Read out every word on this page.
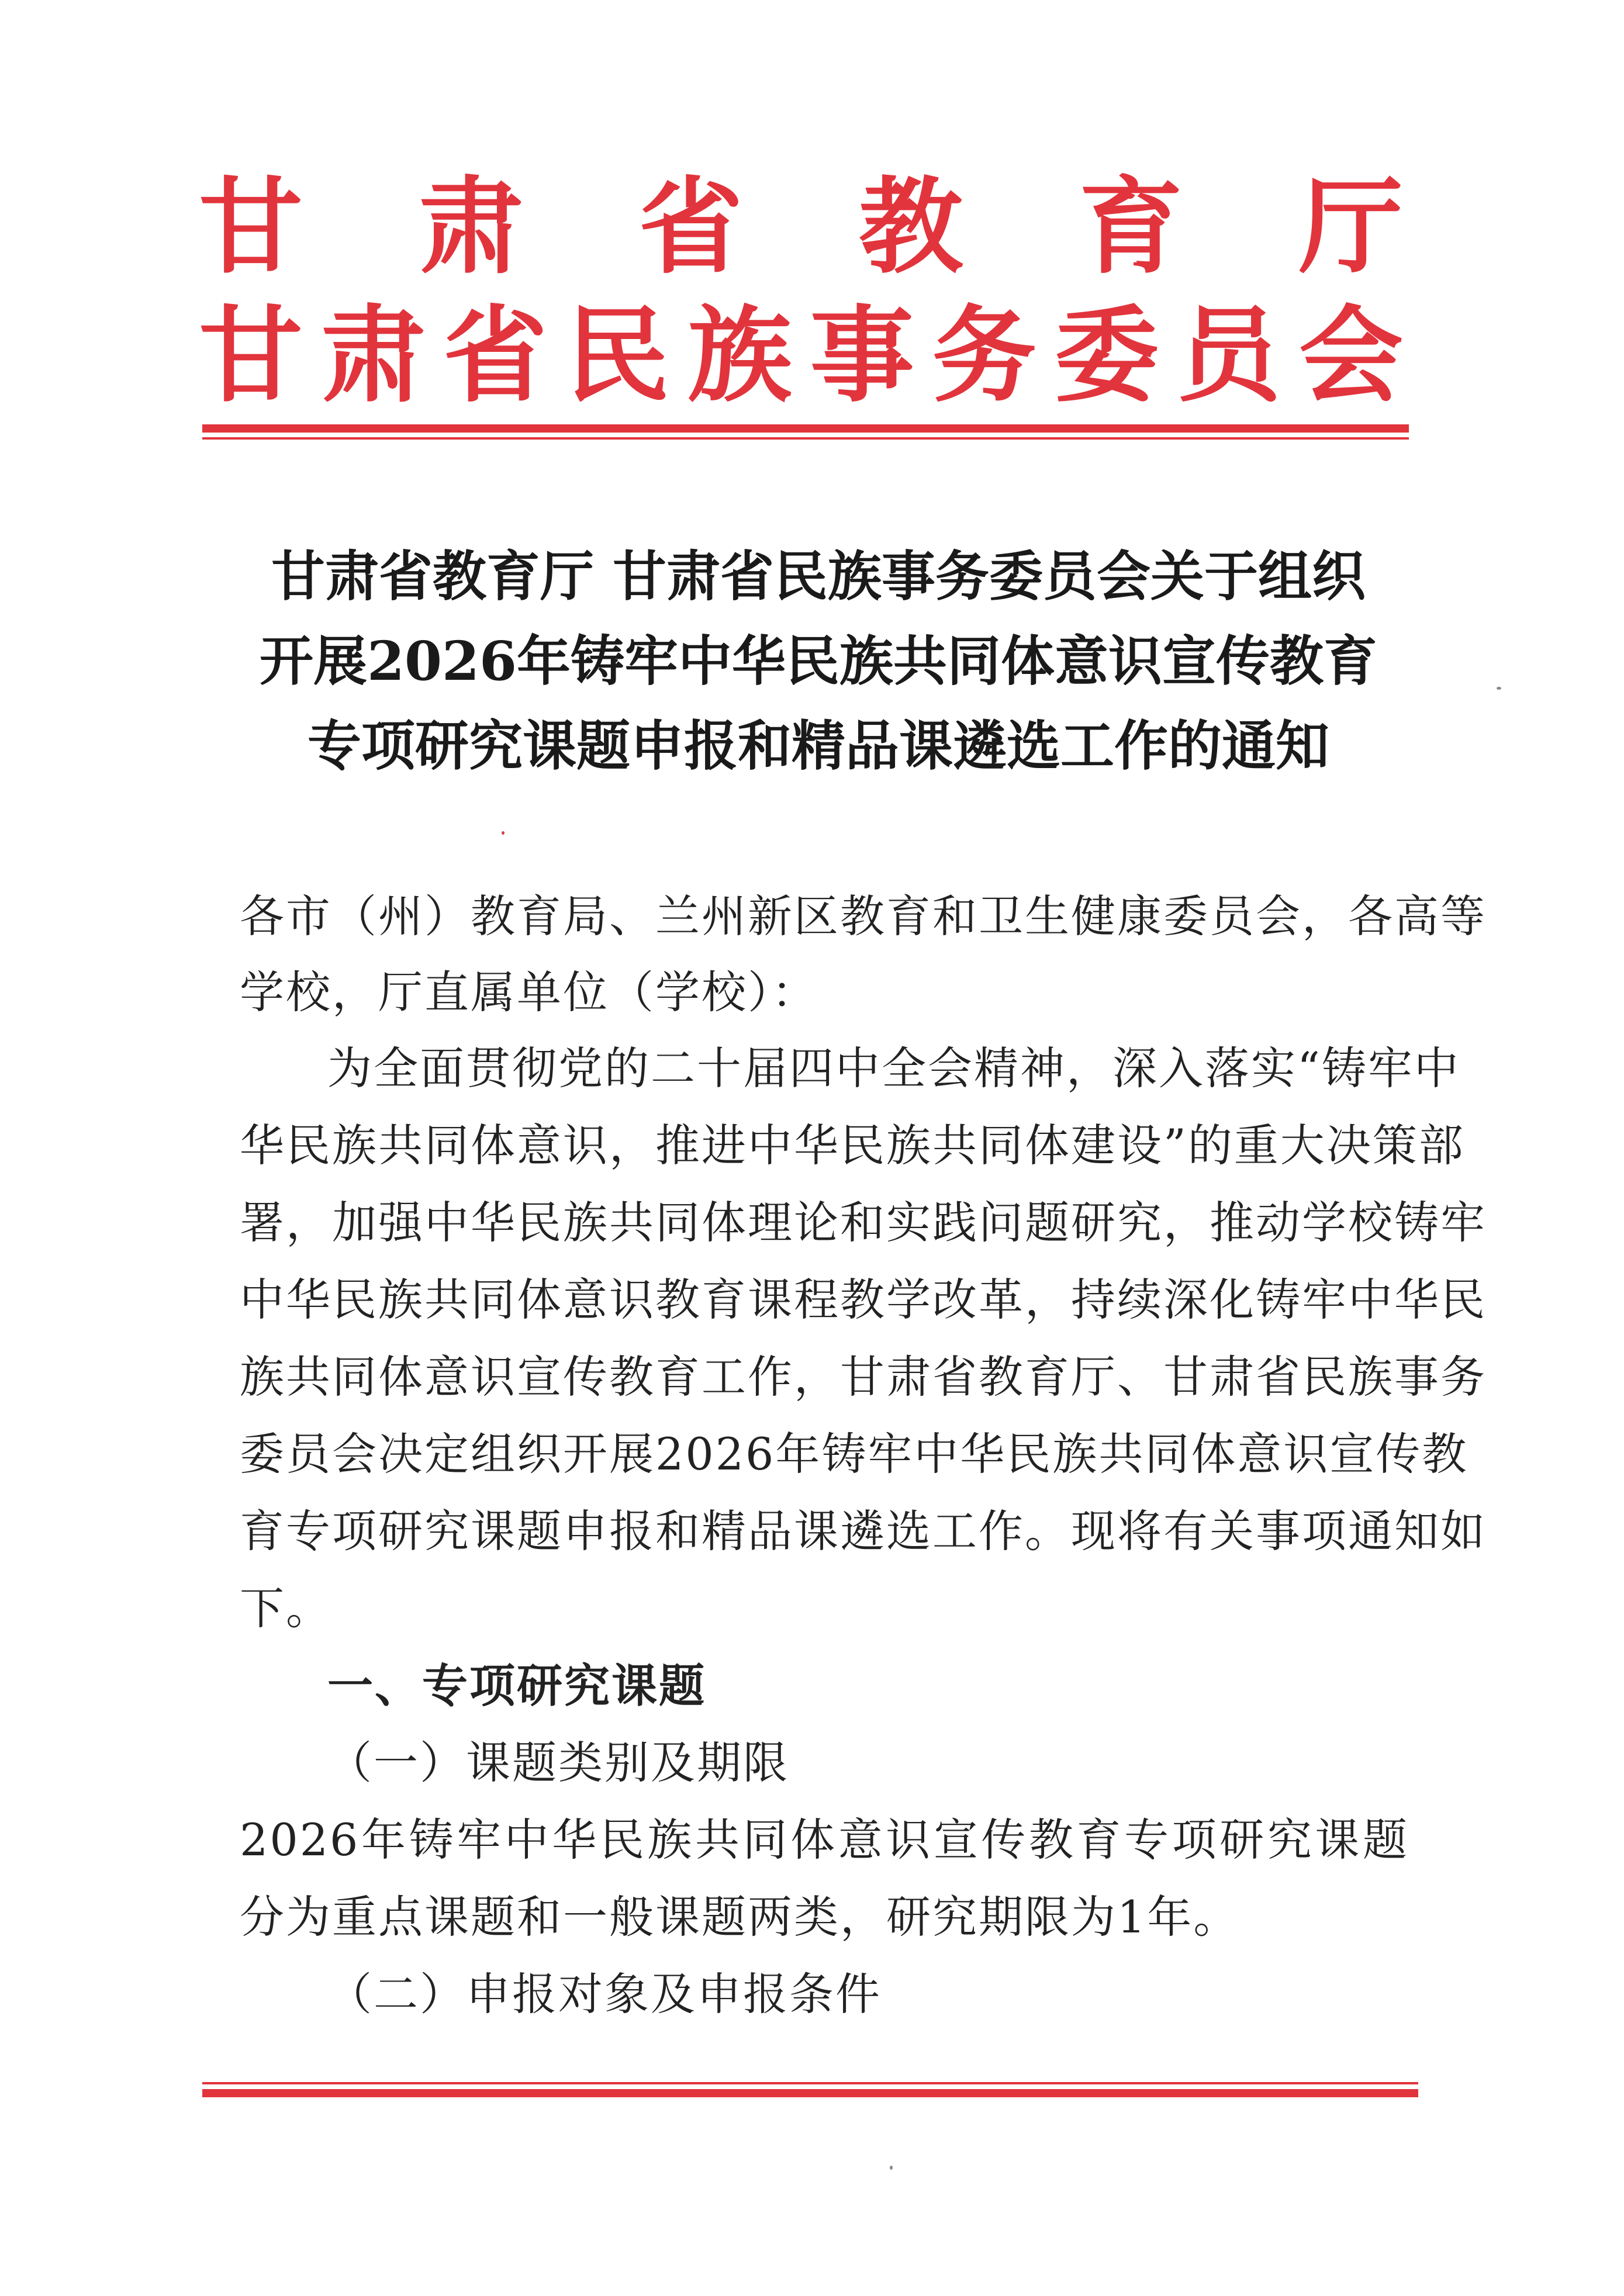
甘 肃 省 教 育 厅
甘 肃 省 民 族 事 务 委 员 会
甘肃省教育厅 甘肃省民族事务委员会关于组织
开展2026年铸牢中华民族共同体意识宣传教育
专项研究课题申报和精品课遴选工作的通知
各市（州）教育局、兰州新区教育和卫生健康委员会，各高等
学校，厅直属单位（学校）：
为全面贯彻党的二十届四中全会精神，深入落实“铸牢中
华民族共同体意识，推进中华民族共同体建设”的重大决策部
署，加强中华民族共同体理论和实践问题研究，推动学校铸牢
中华民族共同体意识教育课程教学改革，持续深化铸牢中华民
族共同体意识宣传教育工作，甘肃省教育厅、甘肃省民族事务
委员会决定组织开展2026年铸牢中华民族共同体意识宣传教
育专项研究课题申报和精品课遴选工作。现将有关事项通知如
下。
一、专项研究课题
（一）课题类别及期限
2026年铸牢中华民族共同体意识宣传教育专项研究课题
分为重点课题和一般课题两类，研究期限为1年。
（二）申报对象及申报条件
